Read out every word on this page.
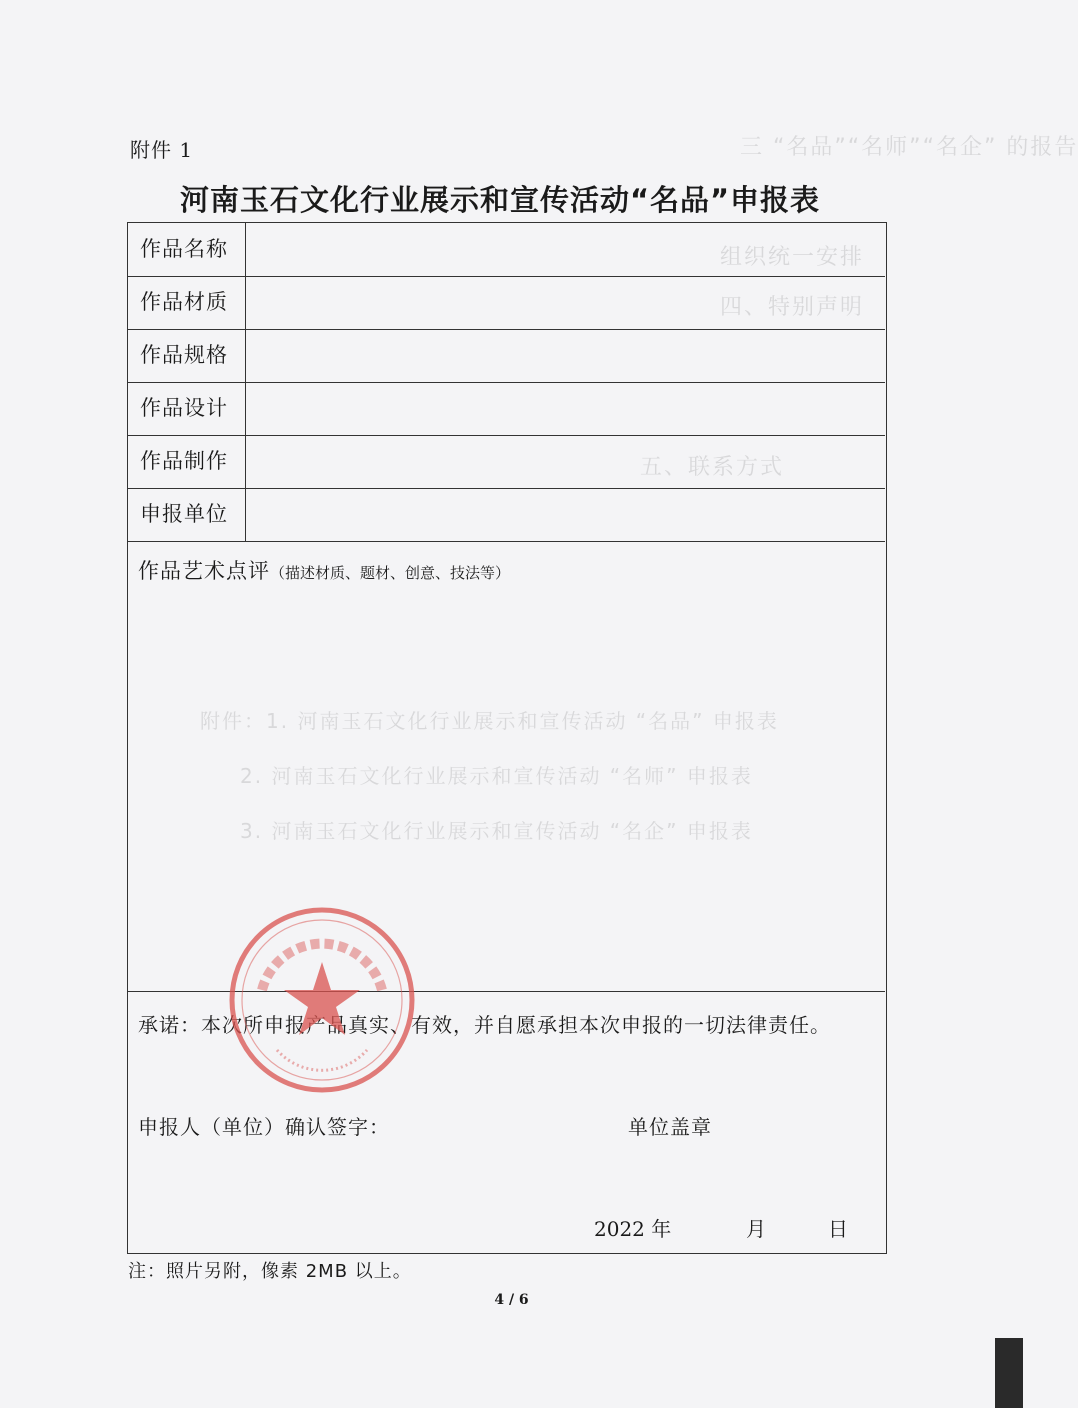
三 “名品”“名师”“名企” 的报告
组织统一安排
四、特别声明
五、联系方式
附件：1. 河南玉石文化行业展示和宣传活动 “名品” 申报表
2. 河南玉石文化行业展示和宣传活动 “名师” 申报表
3. 河南玉石文化行业展示和宣传活动 “名企” 申报表
附件 1
河南玉石文化行业展示和宣传活动“名品”申报表
作品名称
作品材质
作品规格
作品设计
作品制作
申报单位
作品艺术点评（描述材质、题材、创意、技法等）
承诺：本次所申报产品真实、有效，并自愿承担本次申报的一切法律责任。
申报人（单位）确认签字：	单位盖章
2022 年	月	日
注：照片另附，像素 2MB 以上。
4 / 6
